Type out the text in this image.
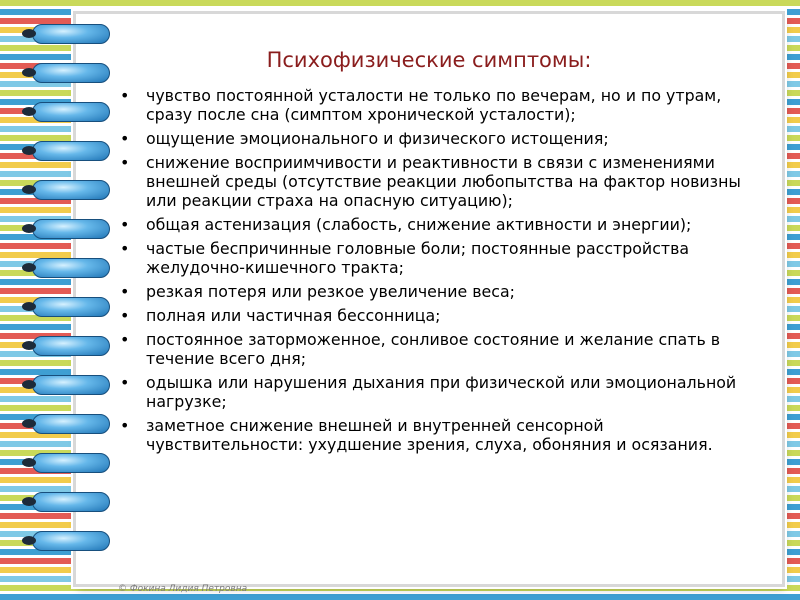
Психофизические симптомы:
• чувство постоянной усталости не только по вечерам, но и по утрам, сразу после сна (симптом хронической усталости);
• ощущение эмоционального и физического истощения;
• снижение восприимчивости и реактивности в связи с изменениями внешней среды (отсутствие реакции любопытства на фактор новизны или реакции страха на опасную ситуацию);
• общая астенизация (слабость, снижение активности и энергии);
• частые беспричинные головные боли; постоянные расстройства желудочно-кишечного тракта;
• резкая потеря или резкое увеличение веса;
• полная или частичная бессонница;
• постоянное заторможенное, сонливое состояние и желание спать в течение всего дня;
• одышка или нарушения дыхания при физической или эмоциональной нагрузке;
• заметное снижение внешней и внутренней сенсорной чувствительности: ухудшение зрения, слуха, обоняния и осязания.
© Фокина Лидия Петровна
